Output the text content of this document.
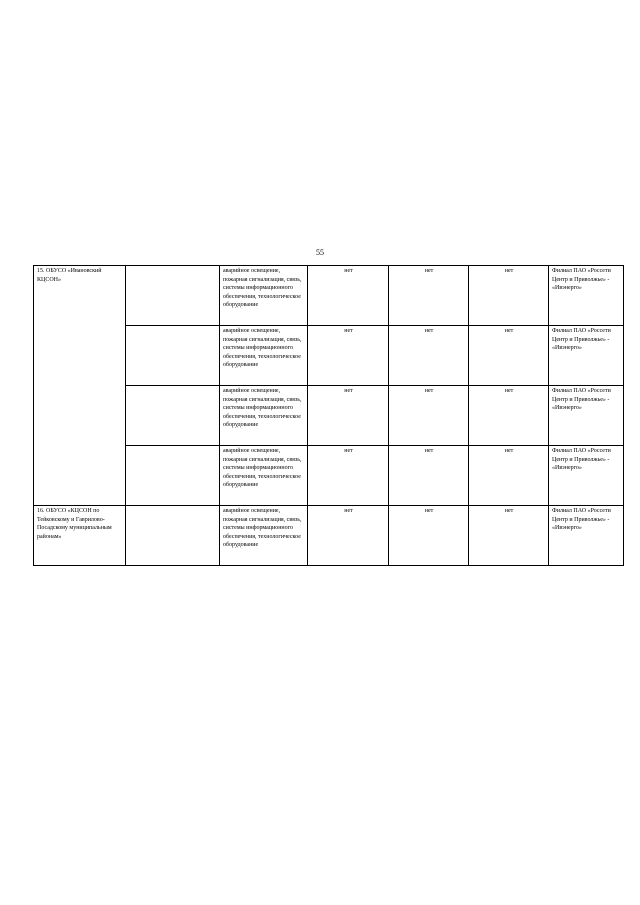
55
15. ОБУСО «Ивановский КЦСОН»		аварийное освещение, пожарная сигнализация, связь, системы информационного обеспечения, технологическое оборудование	нет	нет	нет	Филиал ПАО «Россети Центр и Приволжье» - «Ивэнерго»
		аварийное освещение, пожарная сигнализация, связь, системы информационного обеспечения, технологическое оборудование	нет	нет	нет	Филиал ПАО «Россети Центр и Приволжье» - «Ивэнерго»
		аварийное освещение, пожарная сигнализация, связь, системы информационного обеспечения, технологическое оборудование	нет	нет	нет	Филиал ПАО «Россети Центр и Приволжье» - «Ивэнерго»
		аварийное освещение, пожарная сигнализация, связь, системы информационного обеспечения, технологическое оборудование	нет	нет	нет	Филиал ПАО «Россети Центр и Приволжье» - «Ивэнерго»
16. ОБУСО «КЦСОН по Тейковскому и Гаврилово-Посадскому муниципальным районам»		аварийное освещение, пожарная сигнализация, связь, системы информационного обеспечения, технологическое оборудование	нет	нет	нет	Филиал ПАО «Россети Центр и Приволжье» - «Ивэнерго»
